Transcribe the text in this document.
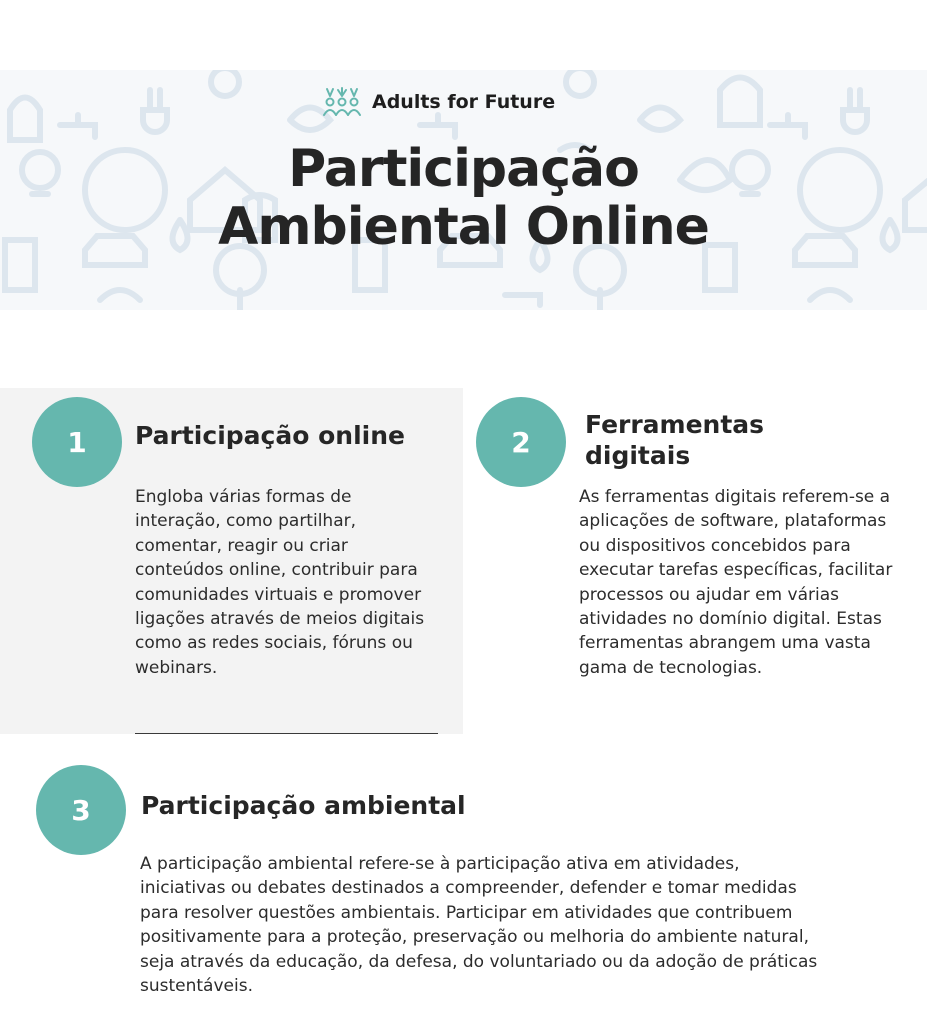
Adults for Future
Participação
Ambiental Online
1	Participação online
Engloba várias formas de interação, como partilhar, comentar, reagir ou criar conteúdos online, contribuir para comunidades virtuais e promover ligações através de meios digitais como as redes sociais, fóruns ou webinars.
2
Ferramentas digitais
As ferramentas digitais referem-se a aplicações de software, plataformas ou dispositivos concebidos para executar tarefas específicas, facilitar processos ou ajudar em várias atividades no domínio digital. Estas ferramentas abrangem uma vasta gama de tecnologias.
3	Participação ambiental
A participação ambiental refere-se à participação ativa em atividades, iniciativas ou debates destinados a compreender, defender e tomar medidas para resolver questões ambientais. Participar em atividades que contribuem positivamente para a proteção, preservação ou melhoria do ambiente natural, seja através da educação, da defesa, do voluntariado ou da adoção de práticas sustentáveis.
